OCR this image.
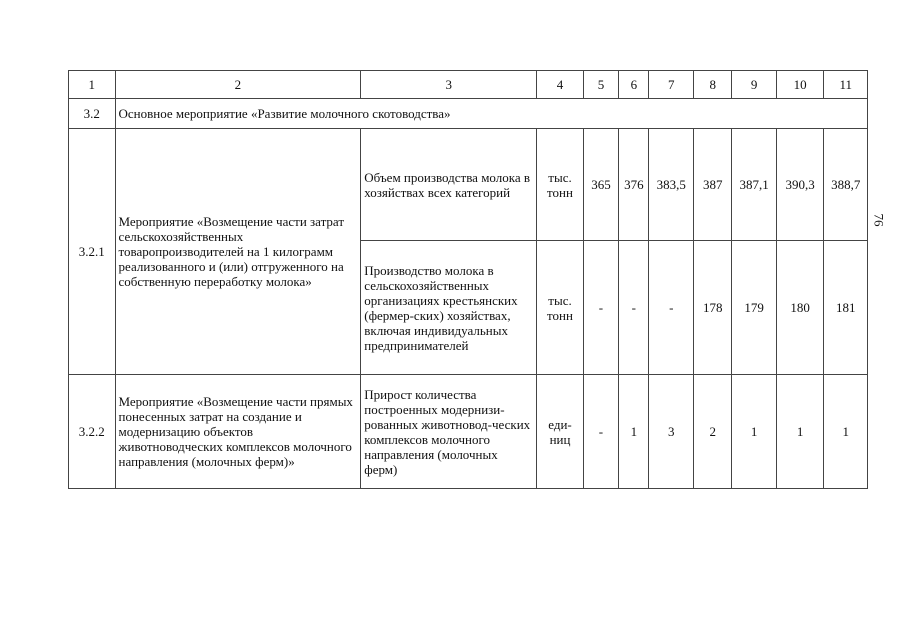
1	2	3	4	5	6	7	8	9	10	11
3.2	Основное мероприятие «Развитие молочного скотоводства»									
3.2.1	Мероприятие «Возмещение части затрат сельскохозяйственных товаропроизводителей на 1 килограмм реализованного и (или) отгруженного на собственную переработку молока»	Объем производства молока в хозяйствах всех категорий	тыс. тонн	365	376	383,5	387	387,1	390,3	388,7
		Производство молока в сельскохозяйственных организациях крестьянских (фермер-ских) хозяйствах, включая индивидуальных предпринимателей	тыс. тонн	-	-	-	178	179	180	181
3.2.2	Мероприятие «Возмещение части прямых понесенных затрат на создание и модернизацию объектов животноводческих комплексов молочного направления (молочных ферм)»	Прирост количества построенных модернизи-рованных животновод-ческих комплексов молочного направления (молочных ферм)	еди-ниц	-	1	3	2	1	1	1
76
